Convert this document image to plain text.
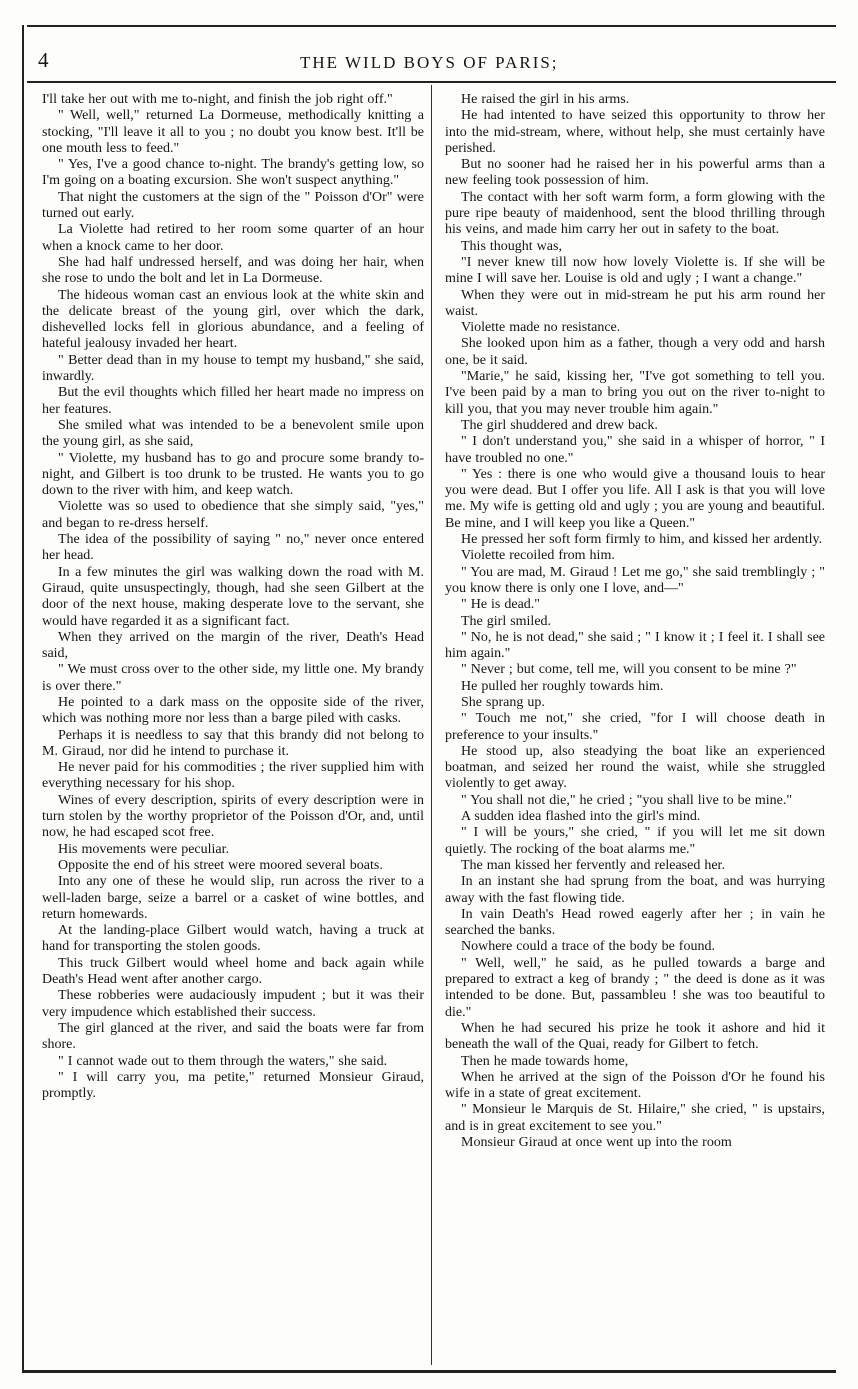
4	THE WILD BOYS OF PARIS;

I'll take her out with me to-night, and finish the job right off."

" Well, well," returned La Dormeuse, methodically knitting a stocking, "I'll leave it all to you ; no doubt you know best. It'll be one mouth less to feed."

" Yes, I've a good chance to-night. The brandy's getting low, so I'm going on a boating excursion. She won't suspect anything."

That night the customers at the sign of the " Poisson d'Or" were turned out early.

La Violette had retired to her room some quarter of an hour when a knock came to her door.

She had half undressed herself, and was doing her hair, when she rose to undo the bolt and let in La Dormeuse.

The hideous woman cast an envious look at the white skin and the delicate breast of the young girl, over which the dark, dishevelled locks fell in glorious abundance, and a feeling of hateful jealousy invaded her heart.

" Better dead than in my house to tempt my husband," she said, inwardly.

But the evil thoughts which filled her heart made no impress on her features.

She smiled what was intended to be a benevolent smile upon the young girl, as she said,

" Violette, my husband has to go and procure some brandy to-night, and Gilbert is too drunk to be trusted. He wants you to go down to the river with him, and keep watch.

Violette was so used to obedience that she simply said, "yes," and began to re-dress herself.

The idea of the possibility of saying " no," never once entered her head.

In a few minutes the girl was walking down the road with M. Giraud, quite unsuspectingly, though, had she seen Gilbert at the door of the next house, making desperate love to the servant, she would have regarded it as a significant fact.

When they arrived on the margin of the river, Death's Head said,

" We must cross over to the other side, my little one. My brandy is over there."

He pointed to a dark mass on the opposite side of the river, which was nothing more nor less than a barge piled with casks.

Perhaps it is needless to say that this brandy did not belong to M. Giraud, nor did he intend to purchase it.

He never paid for his commodities ; the river supplied him with everything necessary for his shop.

Wines of every description, spirits of every description were in turn stolen by the worthy proprietor of the Poisson d'Or, and, until now, he had escaped scot free.

His movements were peculiar.

Opposite the end of his street were moored several boats.

Into any one of these he would slip, run across the river to a well-laden barge, seize a barrel or a casket of wine bottles, and return homewards.

At the landing-place Gilbert would watch, having a truck at hand for transporting the stolen goods.

This truck Gilbert would wheel home and back again while Death's Head went after another cargo.

These robberies were audaciously impudent ; but it was their very impudence which established their success.

The girl glanced at the river, and said the boats were far from shore.

" I cannot wade out to them through the waters," she said.

" I will carry you, ma petite," returned Monsieur Giraud, promptly.

He raised the girl in his arms.

He had intented to have seized this opportunity to throw her into the mid-stream, where, without help, she must certainly have perished.

But no sooner had he raised her in his powerful arms than a new feeling took possession of him.

The contact with her soft warm form, a form glowing with the pure ripe beauty of maidenhood, sent the blood thrilling through his veins, and made him carry her out in safety to the boat.

This thought was,

"I never knew till now how lovely Violette is. If she will be mine I will save her. Louise is old and ugly ; I want a change."

When they were out in mid-stream he put his arm round her waist.

Violette made no resistance.

She looked upon him as a father, though a very odd and harsh one, be it said.

"Marie," he said, kissing her, "I've got something to tell you. I've been paid by a man to bring you out on the river to-night to kill you, that you may never trouble him again."

The girl shuddered and drew back.

" I don't understand you," she said in a whisper of horror, " I have troubled no one."

" Yes : there is one who would give a thousand louis to hear you were dead. But I offer you life. All I ask is that you will love me. My wife is getting old and ugly ; you are young and beautiful. Be mine, and I will keep you like a Queen."

He pressed her soft form firmly to him, and kissed her ardently.

Violette recoiled from him.

" You are mad, M. Giraud ! Let me go," she said tremblingly ; " you know there is only one I love, and—"

" He is dead."

The girl smiled.

" No, he is not dead," she said ; " I know it ; I feel it. I shall see him again."

" Never ; but come, tell me, will you consent to be mine ?"

He pulled her roughly towards him.

She sprang up.

" Touch me not," she cried, "for I will choose death in preference to your insults."

He stood up, also steadying the boat like an experienced boatman, and seized her round the waist, while she struggled violently to get away.

" You shall not die," he cried ; "you shall live to be mine."

A sudden idea flashed into the girl's mind.

" I will be yours," she cried, " if you will let me sit down quietly. The rocking of the boat alarms me."

The man kissed her fervently and released her.

In an instant she had sprung from the boat, and was hurrying away with the fast flowing tide.

In vain Death's Head rowed eagerly after her ; in vain he searched the banks.

Nowhere could a trace of the body be found.

" Well, well," he said, as he pulled towards a barge and prepared to extract a keg of brandy ; " the deed is done as it was intended to be done. But, passambleu ! she was too beautiful to die."

When he had secured his prize he took it ashore and hid it beneath the wall of the Quai, ready for Gilbert to fetch.

Then he made towards home,

When he arrived at the sign of the Poisson d'Or he found his wife in a state of great excitement.

" Monsieur le Marquis de St. Hilaire," she cried, " is upstairs, and is in great excitement to see you."

Monsieur Giraud at once went up into the room
